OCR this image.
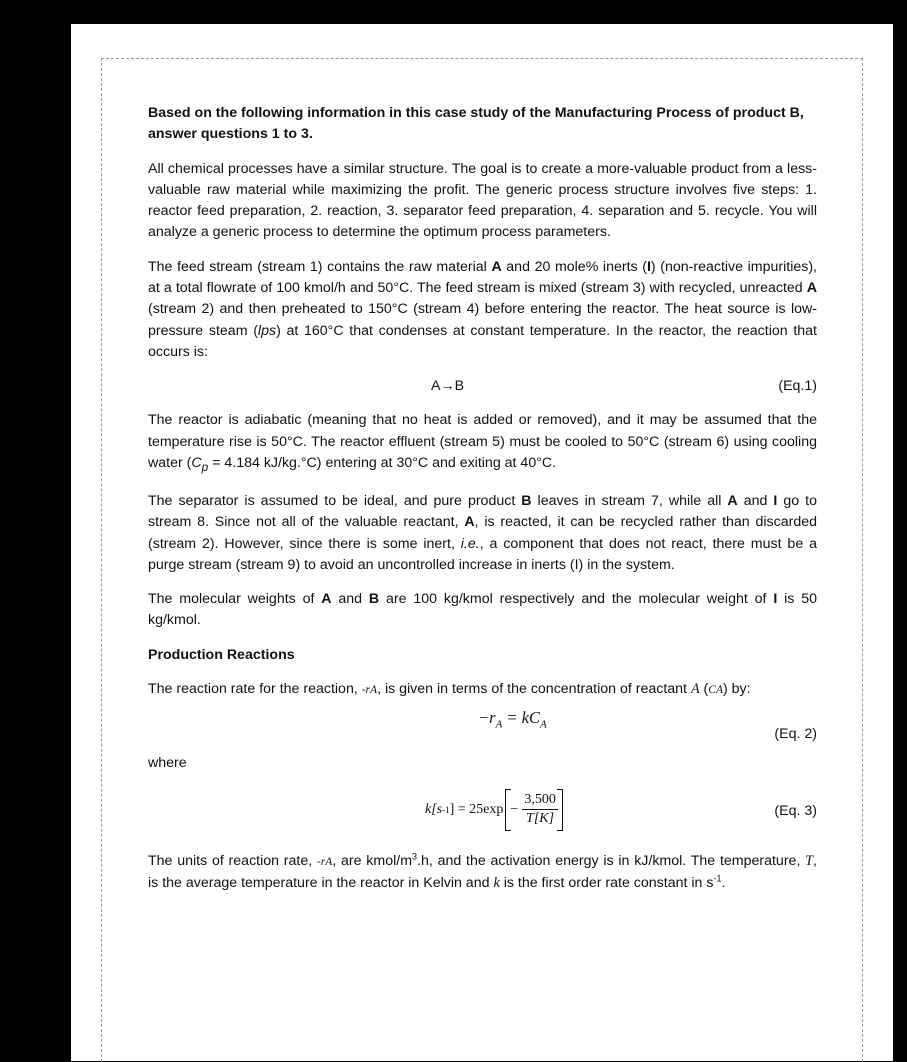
Based on the following information in this case study of the Manufacturing Process of product B, answer questions 1 to 3.

All chemical processes have a similar structure. The goal is to create a more-valuable product from a less-valuable raw material while maximizing the profit. The generic process structure involves five steps: 1. reactor feed preparation, 2. reaction, 3. separator feed preparation, 4. separation and 5. recycle. You will analyze a generic process to determine the optimum process parameters.

The feed stream (stream 1) contains the raw material A and 20 mole% inerts (I) (non-reactive impurities), at a total flowrate of 100 kmol/h and 50°C. The feed stream is mixed (stream 3) with recycled, unreacted A (stream 2) and then preheated to 150°C (stream 4) before entering the reactor. The heat source is low-pressure steam (lps) at 160°C that condenses at constant temperature. In the reactor, the reaction that occurs is:

A→B	(Eq.1)

The reactor is adiabatic (meaning that no heat is added or removed), and it may be assumed that the temperature rise is 50°C. The reactor effluent (stream 5) must be cooled to 50°C (stream 6) using cooling water ($C_p = 4.184$ kJ/kg.°C) entering at 30°C and exiting at 40°C.

The separator is assumed to be ideal, and pure product B leaves in stream 7, while all A and I go to stream 8. Since not all of the valuable reactant, A, is reacted, it can be recycled rather than discarded (stream 2). However, since there is some inert, i.e., a component that does not react, there must be a purge stream (stream 9) to avoid an uncontrolled increase in inerts (I) in the system.

The molecular weights of A and B are 100 kg/kmol respectively and the molecular weight of I is 50 kg/kmol.

Production Reactions

The reaction rate for the reaction, -rA, is given in terms of the concentration of reactant A (CA) by:

$-r_A = kC_A$
(Eq. 2)

where

k[s -1 ] = $25\exp - \frac{3,500}{T[K]}$	(Eq. 3)

The units of reaction rate, -rA, are kmol/$m^3.h$, and the activation energy is in kJ/kmol. The temperature, T, is the average temperature in the reactor in Kelvin and k is the first order rate constant in $s^{-1}$.
